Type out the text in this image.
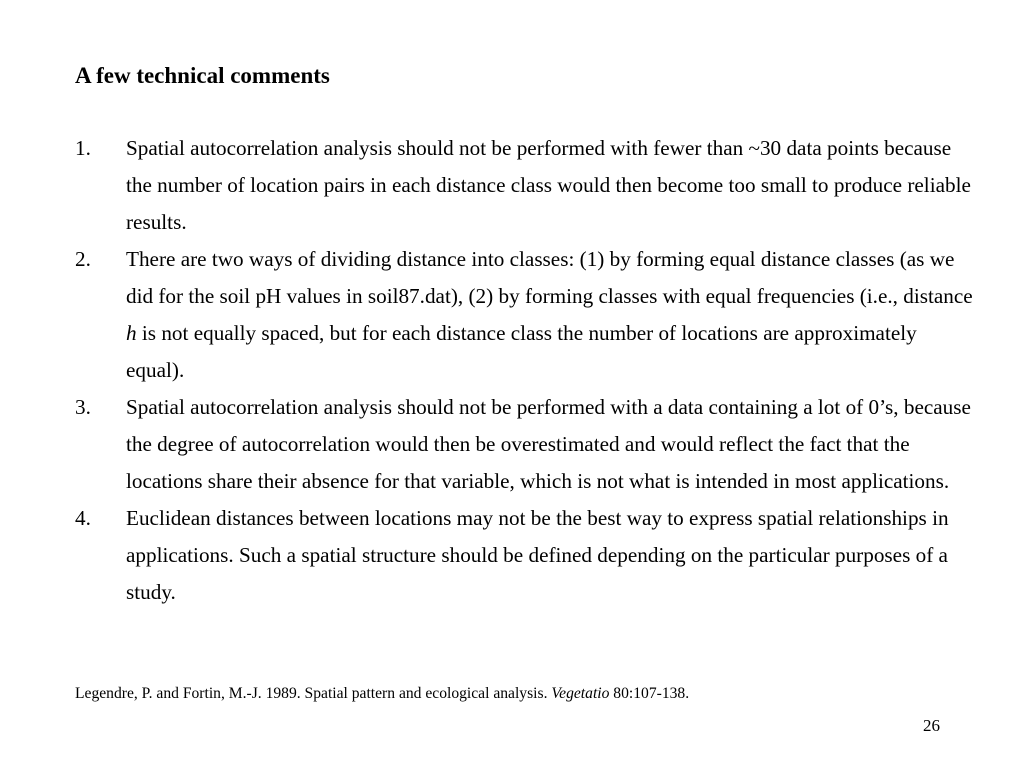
A few technical comments
1. Spatial autocorrelation analysis should not be performed with fewer than ~30 data points because the number of location pairs in each distance class would then become too small to produce reliable results.
2. There are two ways of dividing distance into classes: (1) by forming equal distance classes (as we did for the soil pH values in soil87.dat), (2) by forming classes with equal frequencies (i.e., distance h is not equally spaced, but for each distance class the number of locations are approximately equal).
3. Spatial autocorrelation analysis should not be performed with a data containing a lot of 0’s, because the degree of autocorrelation would then be overestimated and would reflect the fact that the locations share their absence for that variable, which is not what is intended in most applications.
4. Euclidean distances between locations may not be the best way to express spatial relationships in applications. Such a spatial structure should be defined depending on the particular purposes of a study.
Legendre, P. and Fortin, M.-J. 1989. Spatial pattern and ecological analysis. Vegetatio 80:107-138.
26
